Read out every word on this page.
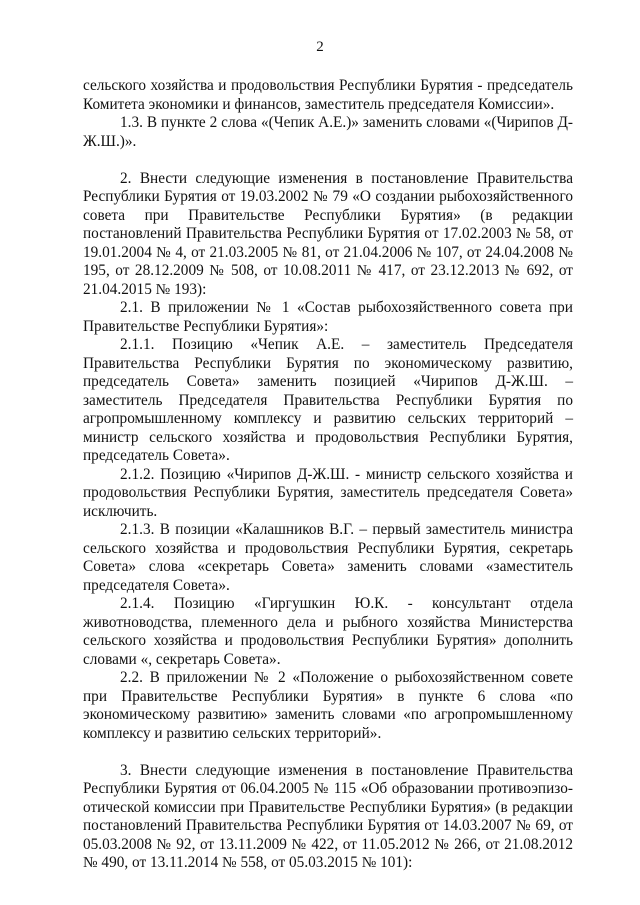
2

сельского хозяйства и продовольствия Республики Бурятия - председатель Комитета экономики и финансов, заместитель председателя Комиссии».

1.3. В пункте 2 слова «(Чепик А.Е.)» заменить словами «(Чирипов Д-Ж.Ш.)».

2. Внести следующие изменения в постановление Правительства Республики Бурятия от 19.03.2002 № 79 «О создании рыбохозяйственного совета при Правительстве Республики Бурятия» (в редакции постановлений Правительства Республики Бурятия от 17.02.2003 № 58, от 19.01.2004 № 4, от 21.03.2005 № 81, от 21.04.2006 № 107, от 24.04.2008 № 195, от 28.12.2009 № 508, от 10.08.2011 № 417, от 23.12.2013 № 692, от 21.04.2015 № 193):

2.1. В приложении № 1 «Состав рыбохозяйственного совета при Правительстве Республики Бурятия»:

2.1.1. Позицию «Чепик А.Е. – заместитель Председателя Правительства Республики Бурятия по экономическому развитию, председатель Совета» заменить позицией «Чирипов Д-Ж.Ш. – заместитель Председателя Правительства Республики Бурятия по агропромышленному комплексу и развитию сельских территорий – министр сельского хозяйства и продовольствия Республики Бурятия, председатель Совета».

2.1.2. Позицию «Чирипов Д-Ж.Ш. - министр сельского хозяйства и продовольствия Республики Бурятия, заместитель председателя Совета» исключить.

2.1.3. В позиции «Калашников В.Г. – первый заместитель министра сельского хозяйства и продовольствия Республики Бурятия, секретарь Совета» слова «секретарь Совета» заменить словами «заместитель председателя Совета».

2.1.4. Позицию «Гиргушкин Ю.К. - консультант отдела животноводства, племенного дела и рыбного хозяйства Министерства сельского хозяйства и продовольствия Республики Бурятия» дополнить словами «, секретарь Совета».

2.2. В приложении № 2 «Положение о рыбохозяйственном совете при Правительстве Республики Бурятия» в пункте 6 слова «по экономическому развитию» заменить словами «по агропромышленному комплексу и развитию сельских территорий».

3. Внести следующие изменения в постановление Правительства Республики Бурятия от 06.04.2005 № 115 «Об образовании противоэпизо-отической комиссии при Правительстве Республики Бурятия» (в редакции постановлений Правительства Республики Бурятия от 14.03.2007 № 69, от 05.03.2008 № 92, от 13.11.2009 № 422, от 11.05.2012 № 266, от 21.08.2012 № 490, от 13.11.2014 № 558, от 05.03.2015 № 101):
